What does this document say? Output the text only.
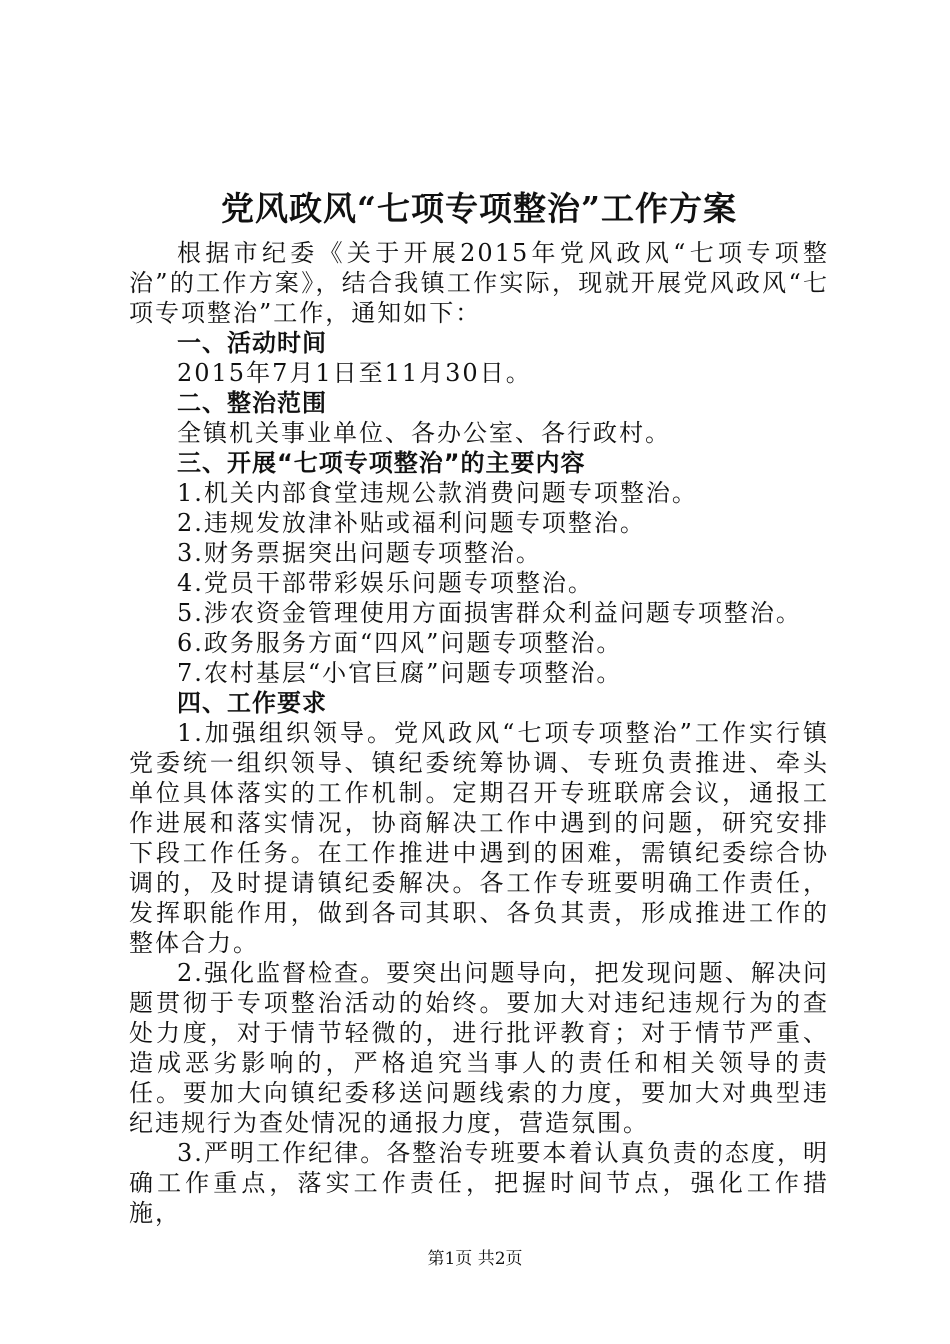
党风政风“七项专项整治”工作方案

根据市纪委《关于开展2015年党风政风“七项专项整治”的工作方案》，结合我镇工作实际，现就开展党风政风“七项专项整治”工作，通知如下：

一、活动时间

2015年7月1日至11月30日。

二、整治范围

全镇机关事业单位、各办公室、各行政村。

三、开展“七项专项整治”的主要内容

1.机关内部食堂违规公款消费问题专项整治。

2.违规发放津补贴或福利问题专项整治。

3.财务票据突出问题专项整治。

4.党员干部带彩娱乐问题专项整治。

5.涉农资金管理使用方面损害群众利益问题专项整治。

6.政务服务方面“四风”问题专项整治。

7.农村基层“小官巨腐”问题专项整治。

四、工作要求

1.加强组织领导。党风政风“七项专项整治”工作实行镇党委统一组织领导、镇纪委统筹协调、专班负责推进、牵头单位具体落实的工作机制。定期召开专班联席会议，通报工作进展和落实情况，协商解决工作中遇到的问题，研究安排下段工作任务。在工作推进中遇到的困难，需镇纪委综合协调的，及时提请镇纪委解决。各工作专班要明确工作责任，发挥职能作用，做到各司其职、各负其责，形成推进工作的整体合力。

2.强化监督检查。要突出问题导向，把发现问题、解决问题贯彻于专项整治活动的始终。要加大对违纪违规行为的查处力度，对于情节轻微的，进行批评教育；对于情节严重、造成恶劣影响的，严格追究当事人的责任和相关领导的责任。要加大向镇纪委移送问题线索的力度，要加大对典型违纪违规行为查处情况的通报力度，营造氛围。

3.严明工作纪律。各整治专班要本着认真负责的态度，明确工作重点，落实工作责任，把握时间节点，强化工作措施，

第1页 共2页
